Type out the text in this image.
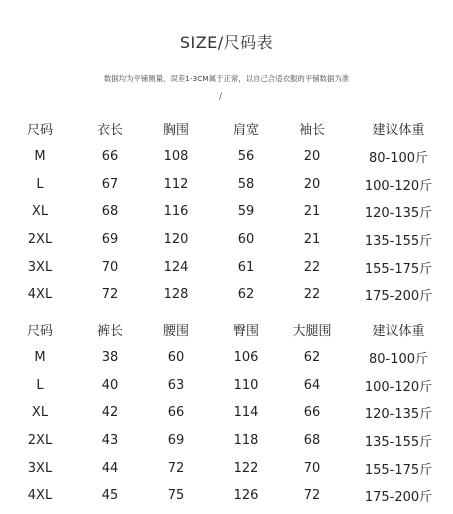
SIZE/尺码表
数据均为平铺测量，误差1-3CM属于正常，以自己合适衣服的平铺数据为准
/
尺码	衣长	胸围	肩宽	袖长	建议体重
M	66	108	56	20	80-100斤
L	67	112	58	20	100-120斤
XL	68	116	59	21	120-135斤
2XL	69	120	60	21	135-155斤
3XL	70	124	61	22	155-175斤
4XL	72	128	62	22	175-200斤
尺码	裤长	腰围	臀围	大腿围	建议体重
M	38	60	106	62	80-100斤
L	40	63	110	64	100-120斤
XL	42	66	114	66	120-135斤
2XL	43	69	118	68	135-155斤
3XL	44	72	122	70	155-175斤
4XL	45	75	126	72	175-200斤
